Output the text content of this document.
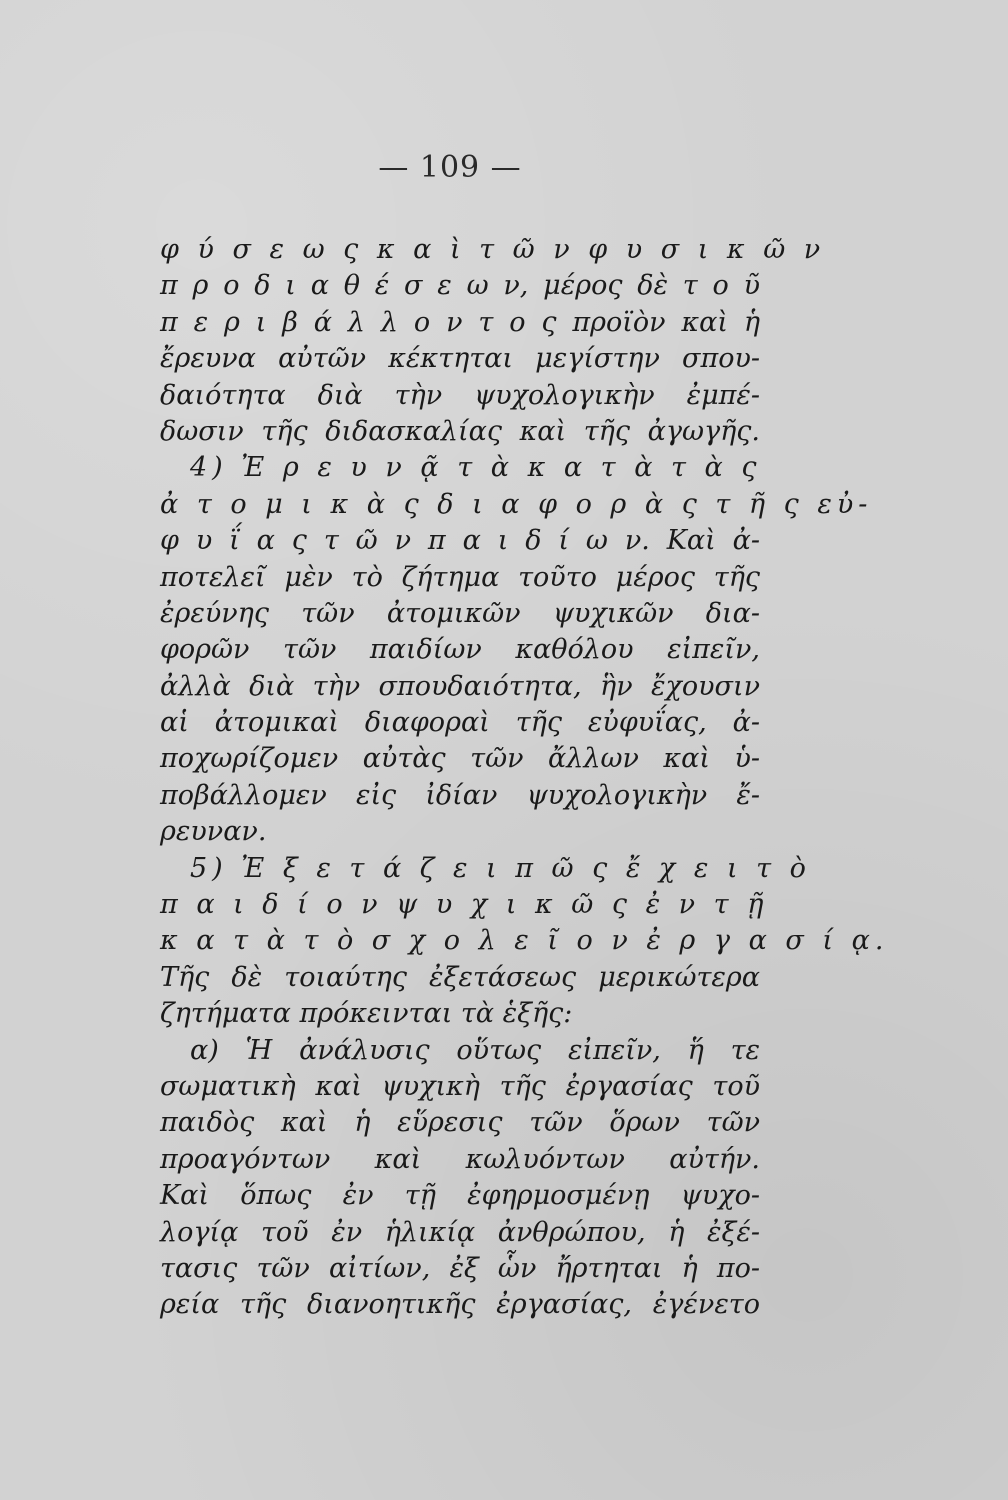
— 109 —
φ ύ σ ε ω ς κ α ὶ τ ῶ ν φ υ σ ι κ ῶ ν
π ρ ο δ ι α θ έ σ ε ω ν, μέρος δὲ τ ο ῦ
π ε ρ ι β ά λ λ ο ν τ ο ς προϊὸν καὶ ἡ
ἔρευνα αὐτῶν κέκτηται μεγίστην σπου-
δαιότητα διὰ τὴν ψυχολογικὴν ἐμπέ-
δωσιν τῆς διδασκαλίας καὶ τῆς ἀγωγῆς.
4) Ἐ ρ ε υ ν ᾷ τ ὰ κ α τ ὰ τ ὰ ς
ἀ τ ο μ ι κ ὰ ς δ ι α φ ο ρ ὰ ς τ ῆ ς εὐ-
φ υ ΐ α ς τ ῶ ν π α ι δ ί ω ν. Καὶ ἀ-
ποτελεῖ μὲν τὸ ζήτημα τοῦτο μέρος τῆς
ἐρεύνης τῶν ἀτομικῶν ψυχικῶν δια-
φορῶν τῶν παιδίων καθόλου εἰπεῖν,
ἀλλὰ διὰ τὴν σπουδαιότητα, ἣν ἔχουσιν
αἱ ἀτομικαὶ διαφοραὶ τῆς εὐφυΐας, ἀ-
ποχωρίζομεν αὐτὰς τῶν ἄλλων καὶ ὑ-
ποβάλλομεν εἰς ἰδίαν ψυχολογικὴν ἔ-
ρευναν.
5) Ἐ ξ ε τ ά ζ ε ι π ῶ ς ἔ χ ε ι τ ὸ
π α ι δ ί ο ν ψ υ χ ι κ ῶ ς ἐ ν τ ῇ
κ α τ ὰ τ ὸ σ χ ο λ ε ῖ ο ν ἐ ρ γ α σ ί ᾳ.
Τῆς δὲ τοιαύτης ἐξετάσεως μερικώτερα
ζητήματα πρόκεινται τὰ ἑξῆς:
α) Ἡ ἀνάλυσις οὕτως εἰπεῖν, ἥ τε
σωματικὴ καὶ ψυχικὴ τῆς ἐργασίας τοῦ
παιδὸς καὶ ἡ εὕρεσις τῶν ὅρων τῶν
προαγόντων καὶ κωλυόντων αὐτήν.
Καὶ ὅπως ἐν τῇ ἐφηρμοσμένῃ ψυχο-
λογίᾳ τοῦ ἐν ἡλικίᾳ ἀνθρώπου, ἡ ἐξέ-
τασις τῶν αἰτίων, ἐξ ὧν ἤρτηται ἡ πο-
ρεία τῆς διανοητικῆς ἐργασίας, ἐγένετο
